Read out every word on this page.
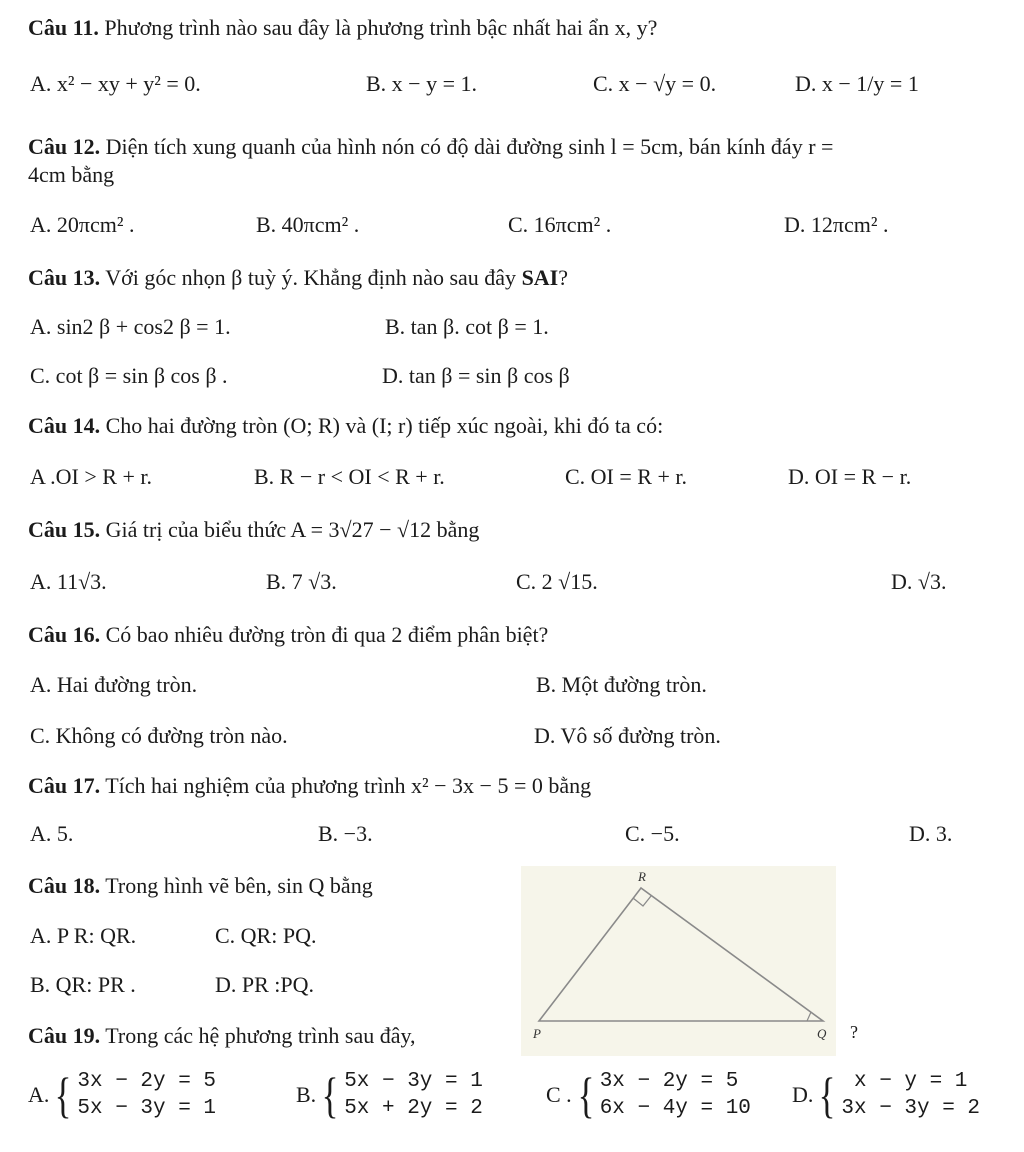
Câu 11. Phương trình nào sau đây là phương trình bậc nhất hai ẩn x, y?
A. x² − xy + y² = 0.	B. x − y = 1.	C. x − √y = 0.	D. x − 1/y = 1
Câu 12. Diện tích xung quanh của hình nón có độ dài đường sinh l = 5cm, bán kính đáy r =
4cm bằng
A. 20πcm² .	B. 40πcm² .	C. 16πcm² .	D. 12πcm² .
Câu 13. Với góc nhọn β tuỳ ý. Khẳng định nào sau đây SAI?
A. sin2 β + cos2 β = 1.	B. tan β. cot β = 1.
C. cot β = sin β cos β .	D. tan β = sin β cos β
Câu 14. Cho hai đường tròn (O; R) và (I; r) tiếp xúc ngoài, khi đó ta có:
A .OI > R + r.	B. R − r < OI < R + r.	C. OI = R + r.	D. OI = R − r.
Câu 15. Giá trị của biểu thức A = 3√27 − √12 bằng
A. 11√3.	B. 7 √3.	C. 2 √15.	D. √3.
Câu 16. Có bao nhiêu đường tròn đi qua 2 điểm phân biệt?
A. Hai đường tròn.	B. Một đường tròn.
C. Không có đường tròn nào.	D. Vô số đường tròn.
Câu 17. Tích hai nghiệm của phương trình x² − 3x − 5 = 0 bằng
A. 5.	B. −3.	C. −5.	D. 3.
Câu 18. Trong hình vẽ bên, sin Q bằng
A. P R: QR.	C. QR: PQ.
B. QR: PR .	D. PR :PQ.
R
P	Q ?
Câu 19. Trong các hệ phương trình sau đây,
A. { 3x − 2y = 5
5x − 3y = 1
B. { 5x − 3y = 1
5x + 2y = 2
C . { 3x − 2y = 5
6x − 4y = 10
D. { x − y = 1
3x − 3y = 2
